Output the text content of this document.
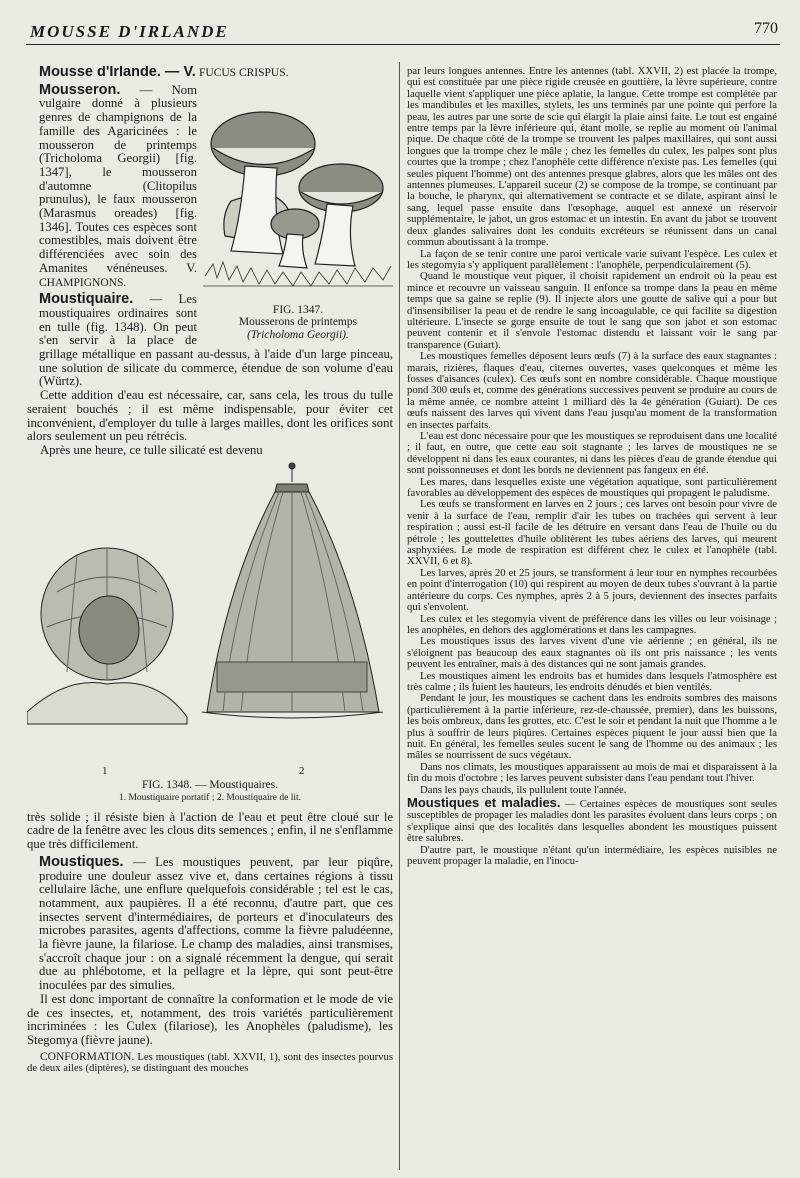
MOUSSE D'IRLANDE	770

Mousse d'Irlande. — V. FUCUS CRISPUS.

FIG. 1347.
Mousserons de printemps
(Tricholoma Georgii).

Mousseron. — Nom vulgaire donné à plusieurs genres de champignons de la famille des Agaricinées : le mousseron de printemps (Tricholoma Georgii) [fig. 1347], le mousseron d'automne (Clitopilus prunulus), le faux mousseron (Marasmus oreades) [fig. 1346]. Toutes ces espèces sont comestibles, mais doivent être différenciées avec soin des Amanites vénéneuses. V. CHAMPIGNONS.

Moustiquaire. — Les moustiquaires ordinaires sont en tulle (fig. 1348). On peut s'en servir à la place de grillage métallique en passant au-dessus, à l'aide d'un large pinceau, une solution de silicate du commerce, étendue de son volume d'eau (Würtz).

Cette addition d'eau est nécessaire, car, sans cela, les trous du tulle seraient bouchés ; il est même indispensable, pour éviter cet inconvénient, d'employer du tulle à larges mailles, dont les orifices sont alors seulement un peu rétrécis.

Après une heure, ce tulle silicaté est devenu

1	2
FIG. 1348. — Moustiquaires.
1. Moustiquaire portatif ; 2. Moustiquaire de lit.

très solide ; il résiste bien à l'action de l'eau et peut être cloué sur le cadre de la fenêtre avec les clous dits semences ; enfin, il ne s'enflamme que très difficilement.

Moustiques. — Les moustiques peuvent, par leur piqûre, produire une douleur assez vive et, dans certaines régions à tissu cellulaire lâche, une enflure quelquefois considérable ; tel est le cas, notamment, aux paupières. Il a été reconnu, d'autre part, que ces insectes servent d'intermédiaires, de porteurs et d'inoculateurs des microbes parasites, agents d'affections, comme la fièvre paludéenne, la fièvre jaune, la filariose. Le champ des maladies, ainsi transmises, s'accroît chaque jour : on a signalé récemment la dengue, qui serait due au phlébotome, et la pellagre et la lèpre, qui sont peut-être inoculées par des simulies.

Il est donc important de connaître la conformation et le mode de vie de ces insectes, et, notamment, des trois variétés particulièrement incriminées : les Culex (filariose), les Anophèles (paludisme), les Stegomya (fièvre jaune).

CONFORMATION. Les moustiques (tabl. XXVII, 1), sont des insectes pourvus de deux ailes (diptères), se distinguant des mouches

par leurs longues antennes. Entre les antennes (tabl. XXVII, 2) est placée la trompe, qui est constituée par une pièce rigide creusée en gouttière, la lèvre supérieure, contre laquelle vient s'appliquer une pièce aplatie, la langue. Cette trompe est complétée par les mandibules et les maxilles, stylets, les uns terminés par une pointe qui perfore la peau, les autres par une sorte de scie qui élargit la plaie ainsi faite. Le tout est engainé entre temps par la lèvre inférieure qui, étant molle, se replie au moment où l'animal pique. De chaque côté de la trompe se trouvent les palpes maxillaires, qui sont aussi longues que la trompe chez le mâle ; chez les femelles du culex, les palpes sont plus courtes que la trompe ; chez l'anophèle cette différence n'existe pas. Les femelles (qui seules piquent l'homme) ont des antennes presque glabres, alors que les mâles ont des antennes plumeuses. L'appareil suceur (2) se compose de la trompe, se continuant par la bouche, le pharynx, qui alternativement se contracte et se dilate, aspirant ainsi le sang, lequel passe ensuite dans l'œsophage, auquel est annexé un réservoir supplémentaire, le jabot, un gros estomac et un intestin. En avant du jabot se trouvent deux glandes salivaires dont les conduits excréteurs se réunissent dans un canal commun aboutissant à la trompe.

La façon de se tenir contre une paroi verticale varie suivant l'espèce. Les culex et les stegomyia s'y appliquent parallèlement : l'anophèle, perpendiculairement (5).

Quand le moustique veut piquer, il choisit rapidement un endroit où la peau est mince et recouvre un vaisseau sanguin. Il enfonce sa trompe dans la peau en même temps que sa gaine se replie (9). Il injecte alors une goutte de salive qui a pour but d'insensibiliser la peau et de rendre le sang incoagulable, ce qui facilite sa digestion ultérieure. L'insecte se gorge ensuite de tout le sang que son jabot et son estomac peuvent contenir et il s'envole l'estomac distendu et laissant voir le sang par transparence (Guiart).

Les moustiques femelles déposent leurs œufs (7) à la surface des eaux stagnantes : marais, rizières, flaques d'eau, citernes ouvertes, vases quelconques et même les fosses d'aisances (culex). Ces œufs sont en nombre considérable. Chaque moustique pond 300 œufs et, comme des générations successives peuvent se produire au cours de la même année, ce nombre atteint 1 milliard dès la 4e génération (Guiart). De ces œufs naissent des larves qui vivent dans l'eau jusqu'au moment de la transformation en insectes parfaits.

L'eau est donc nécessaire pour que les moustiques se reproduisent dans une localité ; il faut, en outre, que cette eau soit stagnante ; les larves de moustiques ne se développent ni dans les eaux courantes, ni dans les pièces d'eau de grande étendue qui sont poissonneuses et dont les bords ne deviennent pas fangeux en été.

Les mares, dans lesquelles existe une végétation aquatique, sont particulièrement favorables au développement des espèces de moustiques qui propagent le paludisme.

Les œufs se transforment en larves en 2 jours ; ces larves ont besoin pour vivre de venir à la surface de l'eau, remplir d'air les tubes ou trachées qui servent à leur respiration ; aussi est-il facile de les détruire en versant dans l'eau de l'huile ou du pétrole ; les gouttelettes d'huile oblitèrent les tubes aériens des larves, qui meurent asphyxiées. Le mode de respiration est différent chez le culex et l'anophèle (tabl. XXVII, 6 et 8).

Les larves, après 20 et 25 jours, se transforment à leur tour en nymphes recourbées en point d'interrogation (10) qui respirent au moyen de deux tubes s'ouvrant à la partie antérieure du corps. Ces nymphes, après 2 à 5 jours, deviennent des insectes parfaits qui s'envolent.

Les culex et les stegomyia vivent de préférence dans les villes ou leur voisinage ; les anophèles, en dehors des agglomérations et dans les campagnes.

Les moustiques issus des larves vivent d'une vie aérienne ; en général, ils ne s'éloignent pas beaucoup des eaux stagnantes où ils ont pris naissance ; les vents peuvent les entraîner, mais à des distances qui ne sont jamais grandes.

Les moustiques aiment les endroits bas et humides dans lesquels l'atmosphère est très calme ; ils fuient les hauteurs, les endroits dénudés et bien ventilés.

Pendant le jour, les moustiques se cachent dans les endroits sombres des maisons (particulièrement à la partie inférieure, rez-de-chaussée, premier), dans les buissons, les bois ombreux, dans les grottes, etc. C'est le soir et pendant la nuit que l'homme a le plus à souffrir de leurs piqûres. Certaines espèces piquent le jour aussi bien que la nuit. En général, les femelles seules sucent le sang de l'homme ou des animaux ; les mâles se nourrissent de sucs végétaux.

Dans nos climats, les moustiques apparaissent au mois de mai et disparaissent à la fin du mois d'octobre ; les larves peuvent subsister dans l'eau pendant tout l'hiver.

Dans les pays chauds, ils pullulent toute l'année.

Moustiques et maladies. — Certaines espèces de moustiques sont seules susceptibles de propager les maladies dont les parasites évoluent dans leurs corps ; on s'explique ainsi que des localités dans lesquelles abondent les moustiques puissent être salubres.

D'autre part, le moustique n'étant qu'un intermédiaire, les espèces nuisibles ne peuvent propager la maladie, en l'inocu-
